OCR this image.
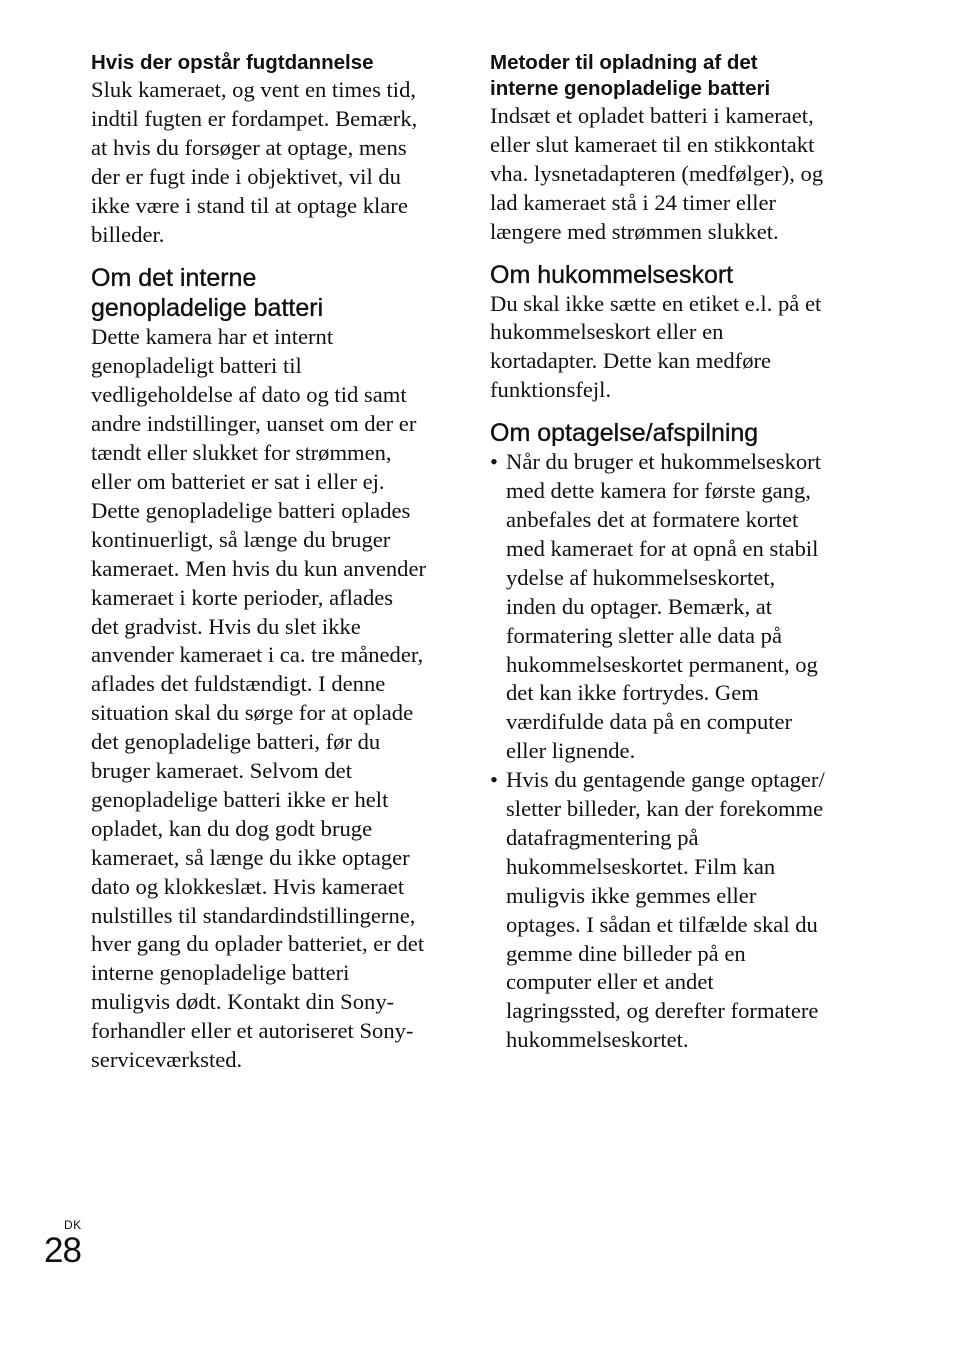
Hvis der opstår fugtdannelse

Sluk kameraet, og vent en times tid,
indtil fugten er fordampet. Bemærk,
at hvis du forsøger at optage, mens
der er fugt inde i objektivet, vil du
ikke være i stand til at optage klare
billeder.

Om det interne
genopladelige batteri

Dette kamera har et internt
genopladeligt batteri til
vedligeholdelse af dato og tid samt
andre indstillinger, uanset om der er
tændt eller slukket for strømmen,
eller om batteriet er sat i eller ej.
Dette genopladelige batteri oplades
kontinuerligt, så længe du bruger
kameraet. Men hvis du kun anvender
kameraet i korte perioder, aflades
det gradvist. Hvis du slet ikke
anvender kameraet i ca. tre måneder,
aflades det fuldstændigt. I denne
situation skal du sørge for at oplade
det genopladelige batteri, før du
bruger kameraet. Selvom det
genopladelige batteri ikke er helt
opladet, kan du dog godt bruge
kameraet, så længe du ikke optager
dato og klokkeslæt. Hvis kameraet
nulstilles til standardindstillingerne,
hver gang du oplader batteriet, er det
interne genopladelige batteri
muligvis dødt. Kontakt din Sony-
forhandler eller et autoriseret Sony-
serviceværksted.

Metoder til opladning af det
interne genopladelige batteri

Indsæt et opladet batteri i kameraet,
eller slut kameraet til en stikkontakt
vha. lysnetadapteren (medfølger), og
lad kameraet stå i 24 timer eller
længere med strømmen slukket.

Om hukommelseskort

Du skal ikke sætte en etiket e.l. på et
hukommelseskort eller en
kortadapter. Dette kan medføre
funktionsfejl.

Om optagelse/afspilning
• Når du bruger et hukommelseskort
med dette kamera for første gang,
anbefales det at formatere kortet
med kameraet for at opnå en stabil
ydelse af hukommelseskortet,
inden du optager. Bemærk, at
formatering sletter alle data på
hukommelseskortet permanent, og
det kan ikke fortrydes. Gem
værdifulde data på en computer
eller lignende.

• Hvis du gentagende gange optager/
sletter billeder, kan der forekomme
datafragmentering på
hukommelseskortet. Film kan
muligvis ikke gemmes eller
optages. I sådan et tilfælde skal du
gemme dine billeder på en
computer eller et andet
lagringssted, og derefter formatere
hukommelseskortet.

DK
28
